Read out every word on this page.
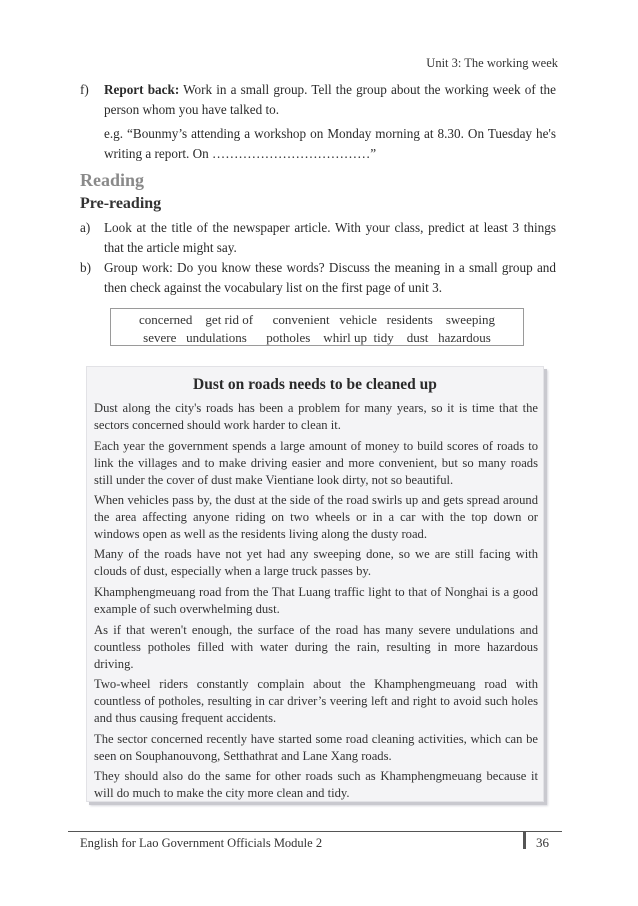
Unit 3: The working week
f) Report back: Work in a small group. Tell the group about the working week of the person whom you have talked to.
e.g. “Bounmy’s attending a workshop on Monday morning at 8.30. On Tuesday he's writing a report. On ………………………………”
Reading
Pre-reading
a) Look at the title of the newspaper article. With your class, predict at least 3 things that the article might say.
b) Group work: Do you know these words? Discuss the meaning in a small group and then check against the vocabulary list on the first page of unit 3.
concerned    get rid of      convenient   vehicle   residents    sweeping
severe   undulations      potholes    whirl up  tidy    dust   hazardous
Dust on roads needs to be cleaned up
Dust along the city's roads has been a problem for many years, so it is time that the sectors concerned should work harder to clean it.
Each year the government spends a large amount of money to build scores of roads to link the villages and to make driving easier and more convenient, but so many roads still under the cover of dust make Vientiane look dirty, not so beautiful.
When vehicles pass by, the dust at the side of the road swirls up and gets spread around the area affecting anyone riding on two wheels or in a car with the top down or windows open as well as the residents living along the dusty road.
Many of the roads have not yet had any sweeping done, so we are still facing with clouds of dust, especially when a large truck passes by.
Khamphengmeuang road from the That Luang traffic light to that of Nonghai is a good example of such overwhelming dust.
As if that weren't enough, the surface of the road has many severe undulations and countless potholes filled with water during the rain, resulting in more hazardous driving.
Two-wheel riders constantly complain about the Khamphengmeuang road with countless of potholes, resulting in car driver’s veering left and right to avoid such holes and thus causing frequent accidents.
The sector concerned recently have started some road cleaning activities, which can be seen on Souphanouvong, Setthathrat and Lane Xang roads.
They should also do the same for other roads such as Khamphengmeuang because it will do much to make the city more clean and tidy.
English for Lao Government Officials Module 2	36
